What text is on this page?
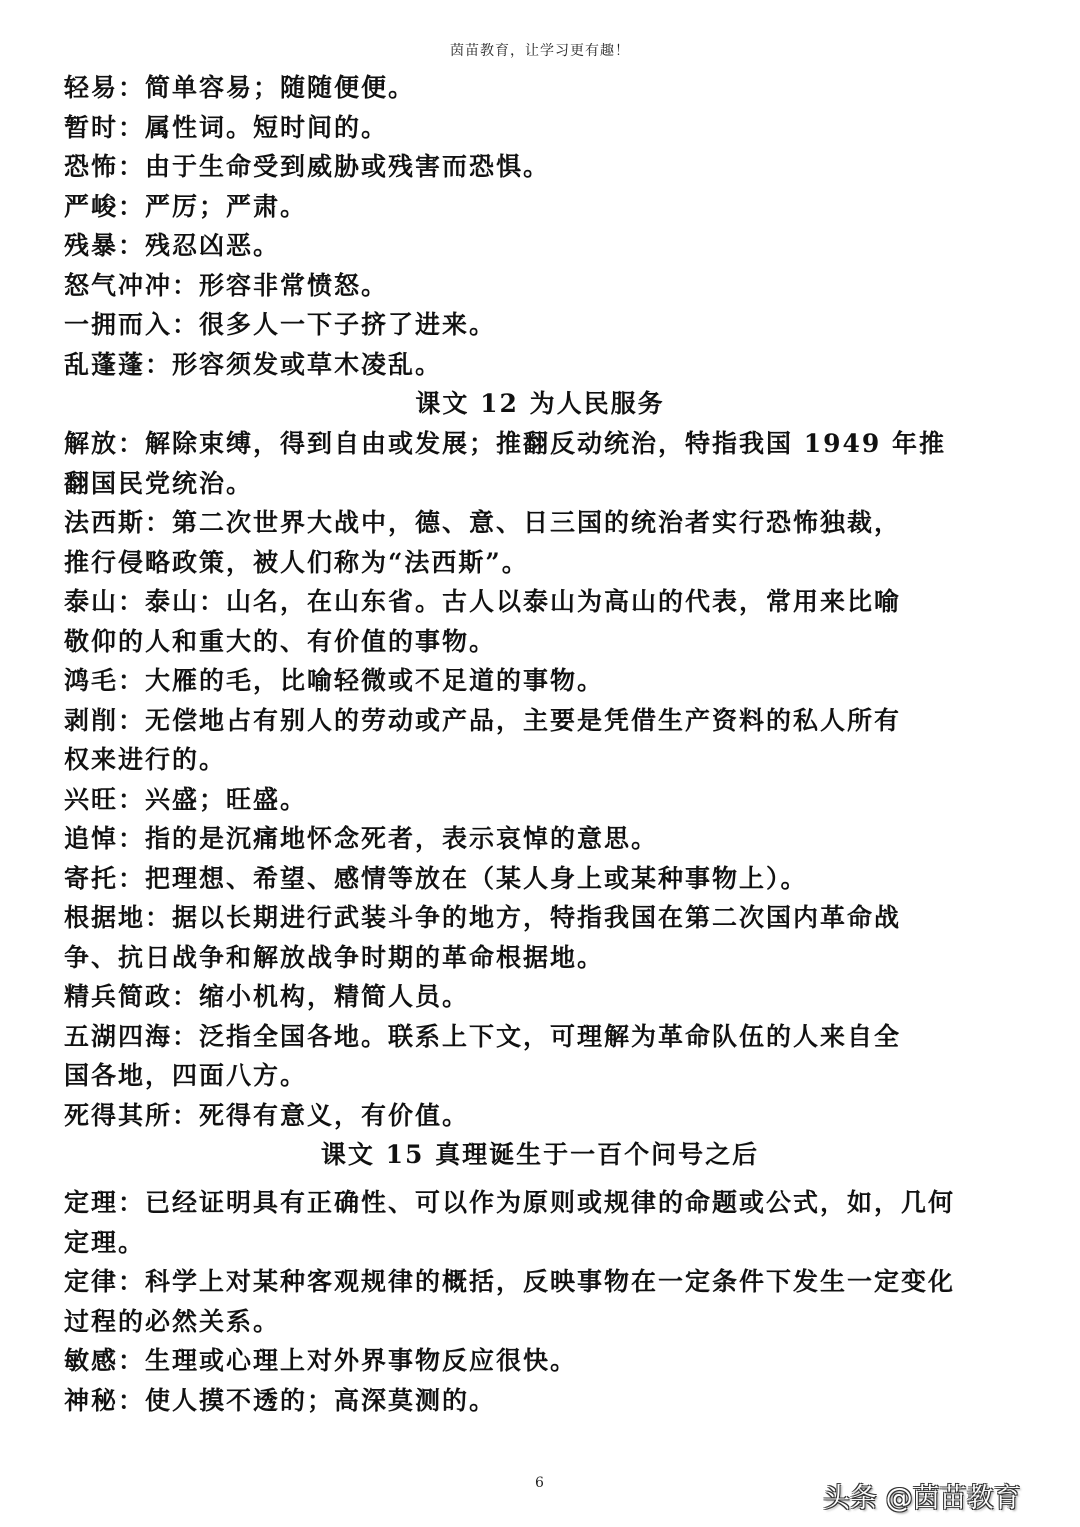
茵苗教育，让学习更有趣！
轻易：简单容易；随随便便。
暂时：属性词。短时间的。
恐怖：由于生命受到威胁或残害而恐惧。
严峻：严厉；严肃。
残暴：残忍凶恶。
怒气冲冲：形容非常愤怒。
一拥而入：很多人一下子挤了进来。
乱蓬蓬：形容须发或草木凌乱。
课文 12 为人民服务
解放：解除束缚，得到自由或发展；推翻反动统治，特指我国 1949 年推
翻国民党统治。
法西斯：第二次世界大战中，德、意、日三国的统治者实行恐怖独裁，
推行侵略政策，被人们称为“法西斯”。
泰山：泰山：山名，在山东省。古人以泰山为高山的代表，常用来比喻
敬仰的人和重大的、有价值的事物。
鸿毛：大雁的毛，比喻轻微或不足道的事物。
剥削：无偿地占有别人的劳动或产品，主要是凭借生产资料的私人所有
权来进行的。
兴旺：兴盛；旺盛。
追悼：指的是沉痛地怀念死者，表示哀悼的意思。
寄托：把理想、希望、感情等放在（某人身上或某种事物上）。
根据地：据以长期进行武装斗争的地方，特指我国在第二次国内革命战
争、抗日战争和解放战争时期的革命根据地。
精兵简政：缩小机构，精简人员。
五湖四海：泛指全国各地。联系上下文，可理解为革命队伍的人来自全
国各地，四面八方。
死得其所：死得有意义，有价值。
课文 15 真理诞生于一百个问号之后
定理：已经证明具有正确性、可以作为原则或规律的命题或公式，如，几何
定理。
定律：科学上对某种客观规律的概括，反映事物在一定条件下发生一定变化
过程的必然关系。
敏感：生理或心理上对外界事物反应很快。
神秘：使人摸不透的；高深莫测的。
6	头条 @茵苗教育
